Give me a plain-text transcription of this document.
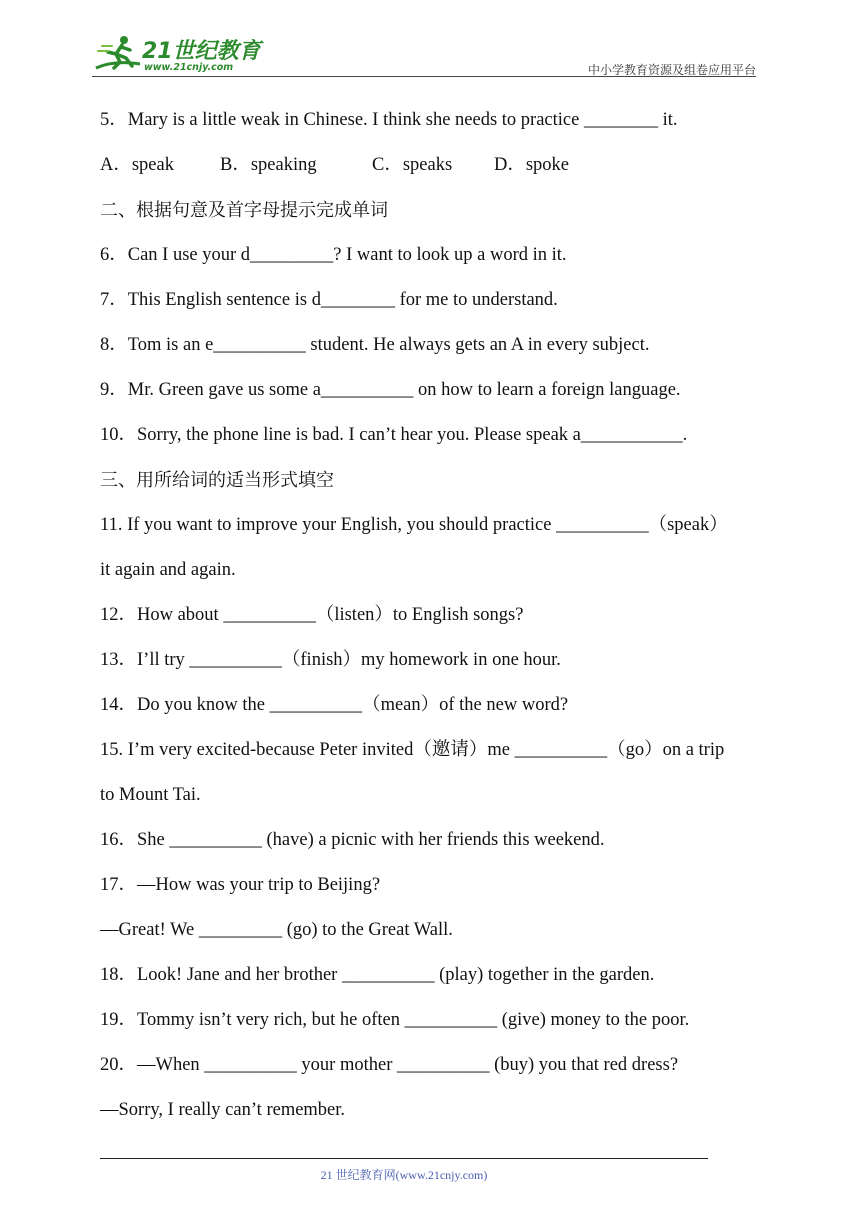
21世纪教育
www.21cnjy.com	中小学教育资源及组卷应用平台
5．Mary is a little weak in Chinese. I think she needs to practice ________ it.
A．speak B．speaking	C．speaks D．spoke
二、根据句意及首字母提示完成单词
6．Can I use your d_________? I want to look up a word in it.
7．This English sentence is d________ for me to understand.
8．Tom is an e__________ student. He always gets an A in every subject.
9．Mr. Green gave us some a__________ on how to learn a foreign language.
10．Sorry, the phone line is bad. I can’t hear you. Please speak a___________.
三、用所给词的适当形式填空
11. If you want to improve your English, you should practice __________（speak）
it again and again.
12．How about __________（listen）to English songs?
13．I’ll try __________（finish）my homework in one hour.
14．Do you know the __________（mean）of the new word?
15. I’m very excited-because Peter invited（邀请）me __________（go）on a trip
to Mount Tai.
16．She __________ (have) a picnic with her friends this weekend.
17．—How was your trip to Beijing?
—Great! We _________ (go) to the Great Wall.
18．Look! Jane and her brother __________ (play) together in the garden.
19．Tommy isn’t very rich, but he often __________ (give) money to the poor.
20．—When __________ your mother __________ (buy) you that red dress?
—Sorry, I really can’t remember.
21 世纪教育网(www.21cnjy.com)
